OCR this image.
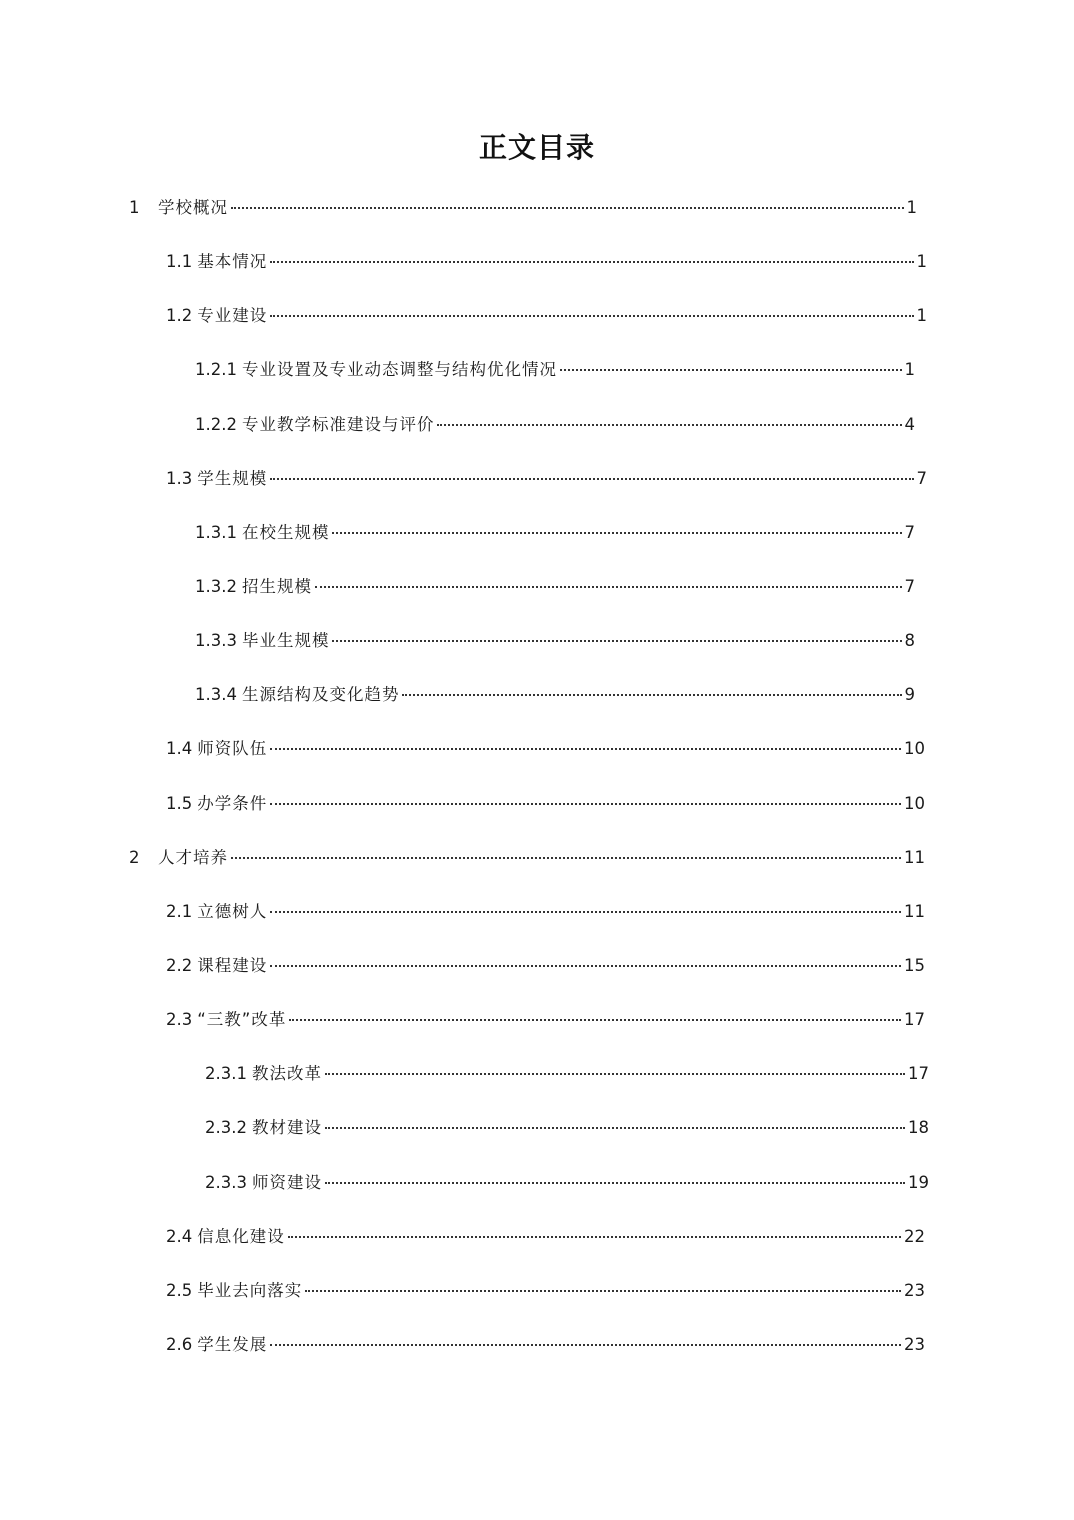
正文目录
1	学校概况	1
1.1 基本情况	1
1.2 专业建设	1
1.2.1 专业设置及专业动态调整与结构优化情况	1
1.2.2 专业教学标准建设与评价	4
1.3 学生规模	7
1.3.1 在校生规模	7
1.3.2 招生规模	7
1.3.3 毕业生规模	8
1.3.4 生源结构及变化趋势	9
1.4 师资队伍	10
1.5 办学条件	10
2	人才培养	11
2.1 立德树人	11
2.2 课程建设	15
2.3 “三教”改革	17
2.3.1 教法改革	17
2.3.2 教材建设	18
2.3.3 师资建设	19
2.4 信息化建设	22
2.5 毕业去向落实	23
2.6 学生发展	23
